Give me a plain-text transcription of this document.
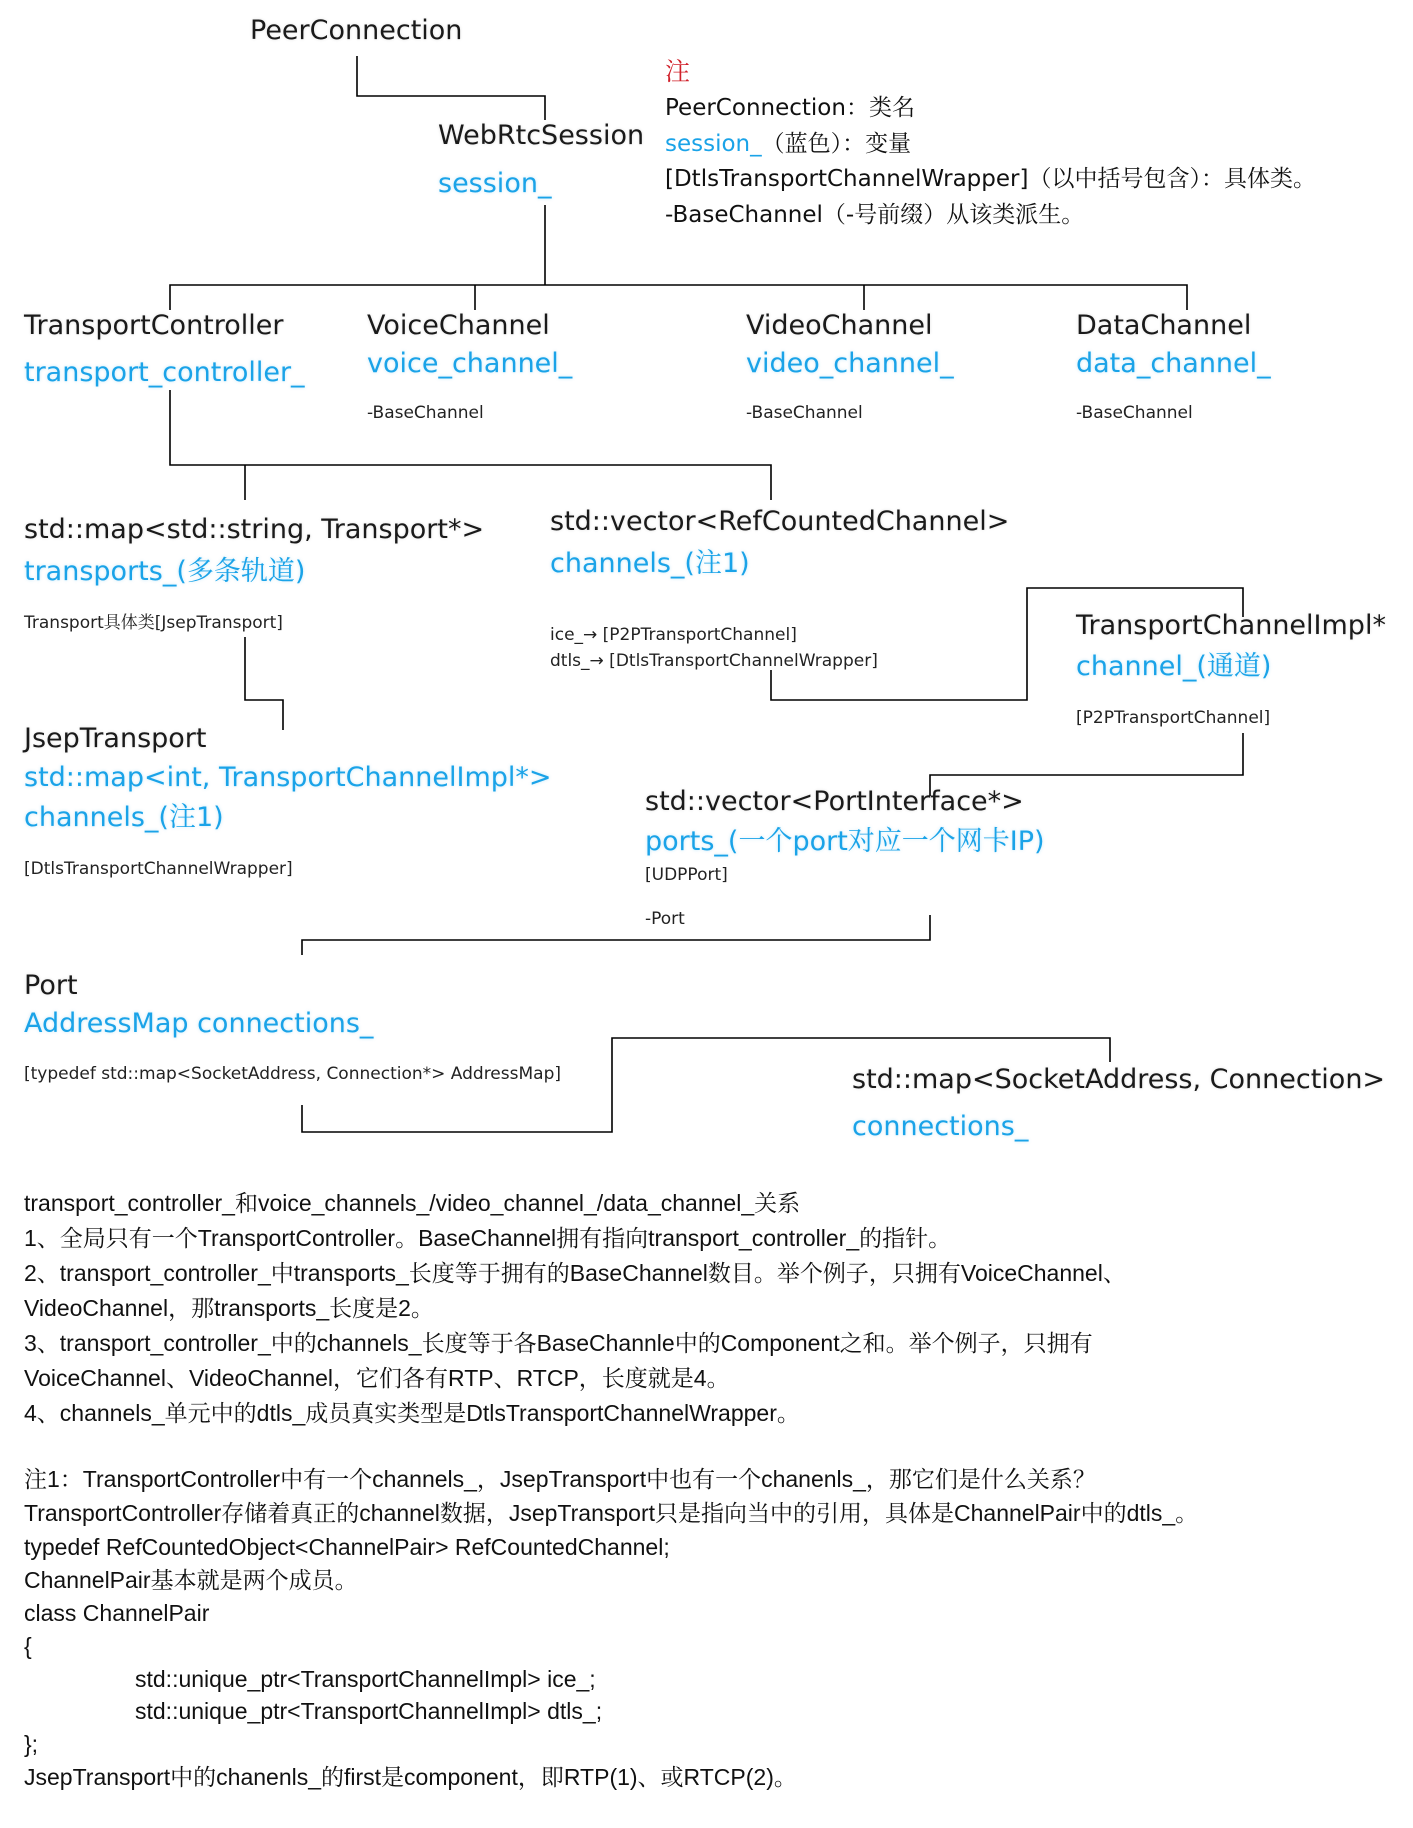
PeerConnection
WebRtcSession
session_
注
PeerConnection：类名
session_（蓝色）：变量
[DtlsTransportChannelWrapper]（以中括号包含）：具体类。
-BaseChannel（-号前缀）从该类派生。
TransportController
transport_controller_
VoiceChannel
voice_channel_
-BaseChannel
VideoChannel
video_channel_
-BaseChannel
DataChannel
data_channel_
-BaseChannel
std::map<std::string, Transport*>
transports_(多条轨道)
Transport具体类[JsepTransport]
std::vector<RefCountedChannel>
channels_(注1)
ice_→ [P2PTransportChannel]
dtls_→ [DtlsTransportChannelWrapper]
TransportChannelImpl*
channel_(通道)
[P2PTransportChannel]
JsepTransport
std::map<int, TransportChannelImpl*>
channels_(注1)
[DtlsTransportChannelWrapper]
std::vector<PortInterface*>
ports_(一个port对应一个网卡IP)
[UDPPort]
-Port
Port
AddressMap connections_
[typedef std::map<SocketAddress, Connection*> AddressMap]	std::map<SocketAddress, Connection>
connections_
transport_controller_和voice_channels_/video_channel_/data_channel_关系
1、全局只有一个TransportController。BaseChannel拥有指向transport_controller_的指针。
2、transport_controller_中transports_长度等于拥有的BaseChannel数目。举个例子，只拥有VoiceChannel、
VideoChannel，那transports_长度是2。
3、transport_controller_中的channels_长度等于各BaseChannle中的Component之和。举个例子，只拥有
VoiceChannel、VideoChannel，它们各有RTP、RTCP，长度就是4。
4、channels_单元中的dtls_成员真实类型是DtlsTransportChannelWrapper。
注1：TransportController中有一个channels_，JsepTransport中也有一个chanenls_，那它们是什么关系？
TransportController存储着真正的channel数据，JsepTransport只是指向当中的引用，具体是ChannelPair中的dtls_。
typedef RefCountedObject<ChannelPair> RefCountedChannel;
ChannelPair基本就是两个成员。
class ChannelPair
{
std::unique_ptr<TransportChannelImpl> ice_;
std::unique_ptr<TransportChannelImpl> dtls_;
};
JsepTransport中的chanenls_的first是component，即RTP(1)、或RTCP(2)。
